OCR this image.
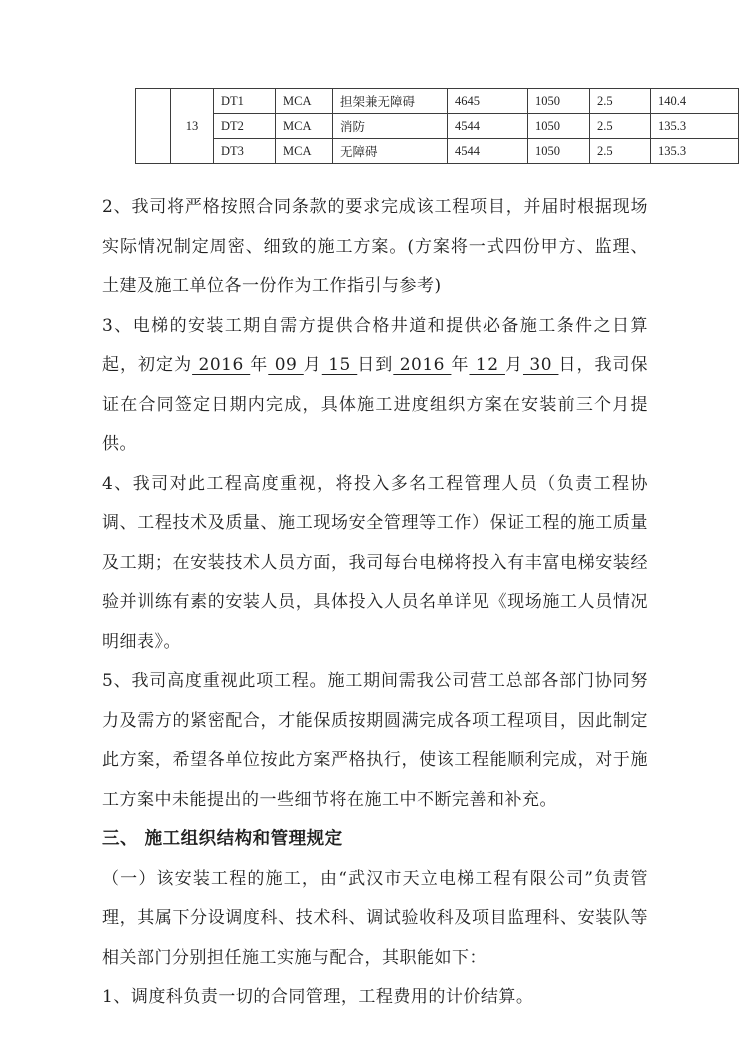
	13	DT1	MCA	担架兼无障碍	4645	1050	2.5	140.4
		DT2	MCA	消防	4544	1050	2.5	135.3
		DT3	MCA	无障碍	4544	1050	2.5	135.3

2、我司将严格按照合同条款的要求完成该工程项目，并届时根据现场实际情况制定周密、细致的施工方案。(方案将一式四份甲方、监理、土建及施工单位各一份作为工作指引与参考)

3、电梯的安装工期自需方提供合格井道和提供必备施工条件之日算起，初定为 2016 年 09 月 15 日到 2016 年 12 月 30 日，我司保证在合同签定日期内完成，具体施工进度组织方案在安装前三个月提供。

4、我司对此工程高度重视，将投入多名工程管理人员（负责工程协调、工程技术及质量、施工现场安全管理等工作）保证工程的施工质量及工期；在安装技术人员方面，我司每台电梯将投入有丰富电梯安装经验并训练有素的安装人员，具体投入人员名单详见《现场施工人员情况明细表》。

5、我司高度重视此项工程。施工期间需我公司营工总部各部门协同努力及需方的紧密配合，才能保质按期圆满完成各项工程项目，因此制定此方案，希望各单位按此方案严格执行，使该工程能顺利完成，对于施工方案中未能提出的一些细节将在施工中不断完善和补充。

三、 施工组织结构和管理规定

（一）该安装工程的施工，由“武汉市天立电梯工程有限公司”负责管理，其属下分设调度科、技术科、调试验收科及项目监理科、安装队等相关部门分别担任施工实施与配合，其职能如下：

1、调度科负责一切的合同管理，工程费用的计价结算。
